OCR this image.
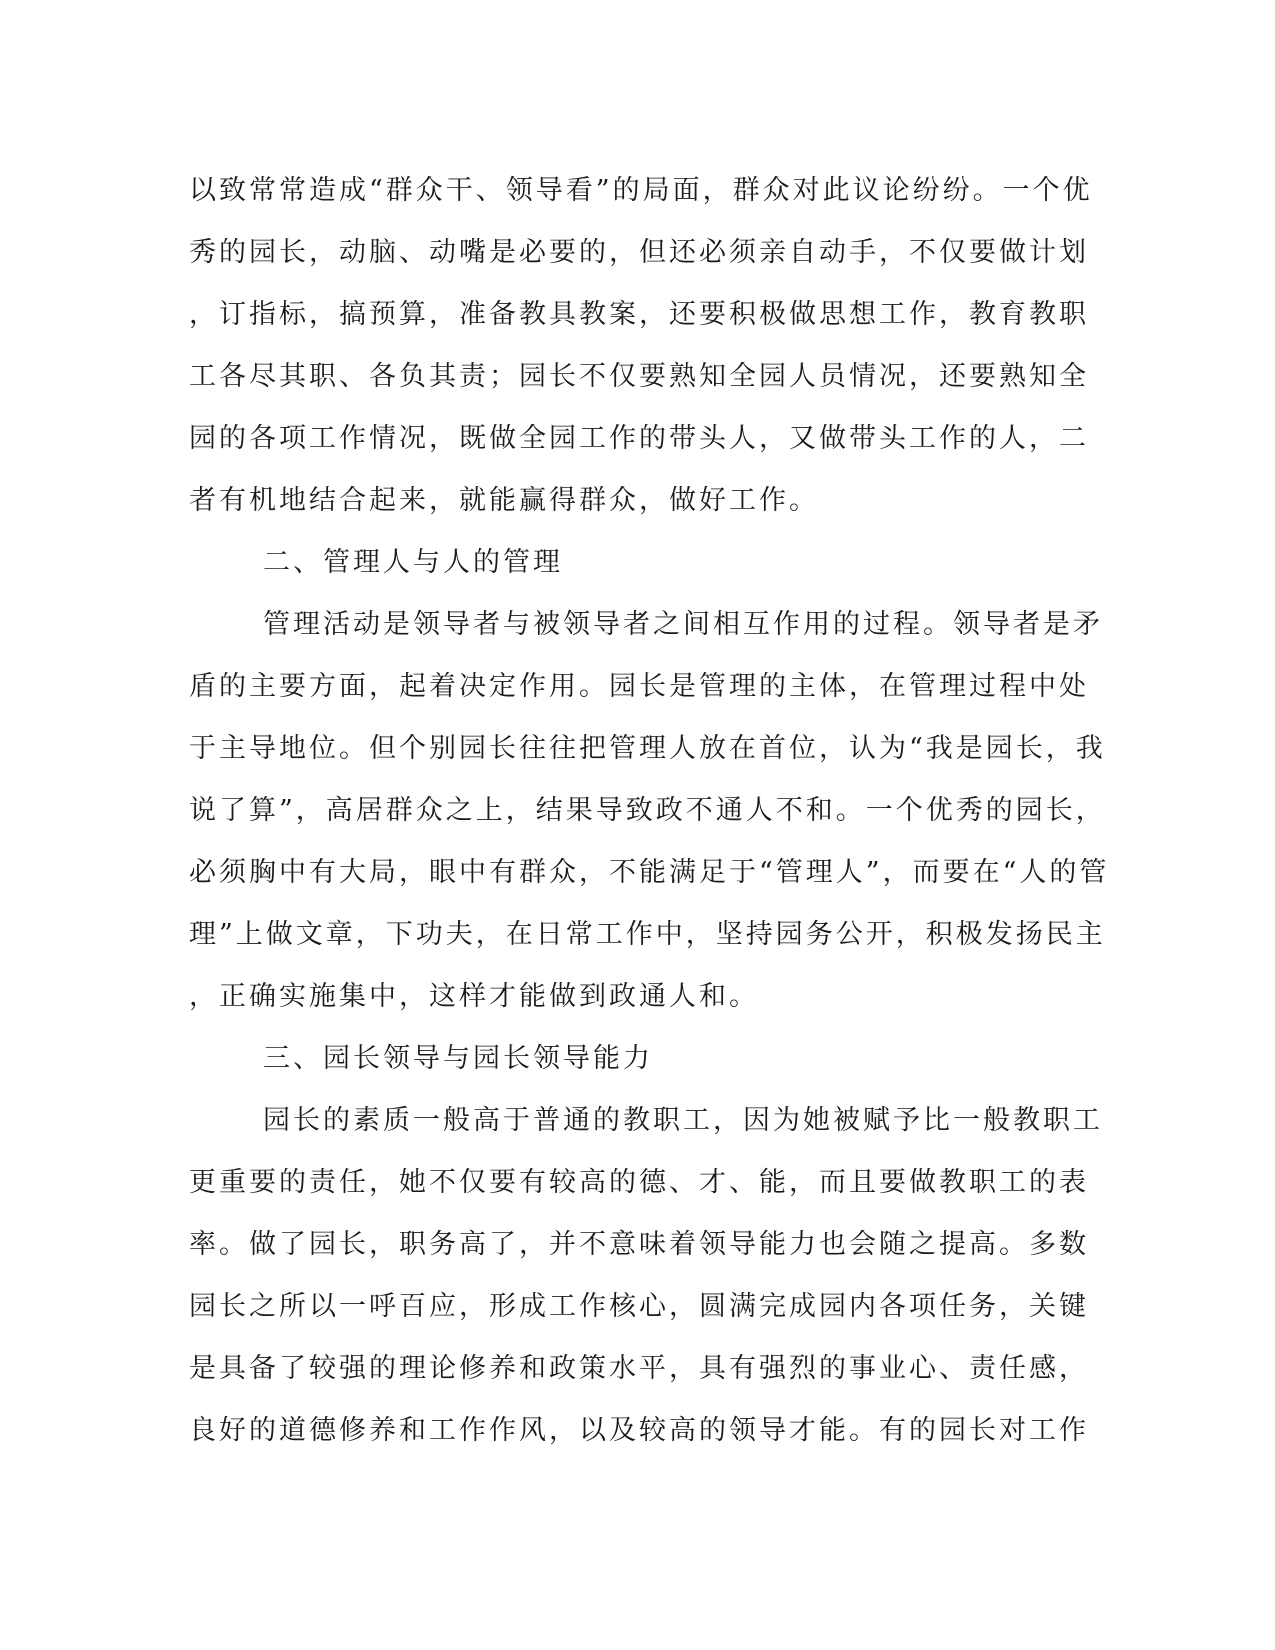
以致常常造成“群众干、领导看”的局面，群众对此议论纷纷。一个优
秀的园长，动脑、动嘴是必要的，但还必须亲自动手，不仅要做计划
，订指标，搞预算，准备教具教案，还要积极做思想工作，教育教职
工各尽其职、各负其责；园长不仅要熟知全园人员情况，还要熟知全
园的各项工作情况，既做全园工作的带头人，又做带头工作的人，二
者有机地结合起来，就能赢得群众，做好工作。
二、管理人与人的管理
管理活动是领导者与被领导者之间相互作用的过程。领导者是矛
盾的主要方面，起着决定作用。园长是管理的主体，在管理过程中处
于主导地位。但个别园长往往把管理人放在首位，认为“我是园长，我
说了算”，高居群众之上，结果导致政不通人不和。一个优秀的园长，
必须胸中有大局，眼中有群众，不能满足于“管理人”，而要在“人的管
理”上做文章，下功夫，在日常工作中，坚持园务公开，积极发扬民主
，正确实施集中，这样才能做到政通人和。
三、园长领导与园长领导能力
园长的素质一般高于普通的教职工，因为她被赋予比一般教职工
更重要的责任，她不仅要有较高的德、才、能，而且要做教职工的表
率。做了园长，职务高了，并不意味着领导能力也会随之提高。多数
园长之所以一呼百应，形成工作核心，圆满完成园内各项任务，关键
是具备了较强的理论修养和政策水平，具有强烈的事业心、责任感，
良好的道德修养和工作作风，以及较高的领导才能。有的园长对工作
